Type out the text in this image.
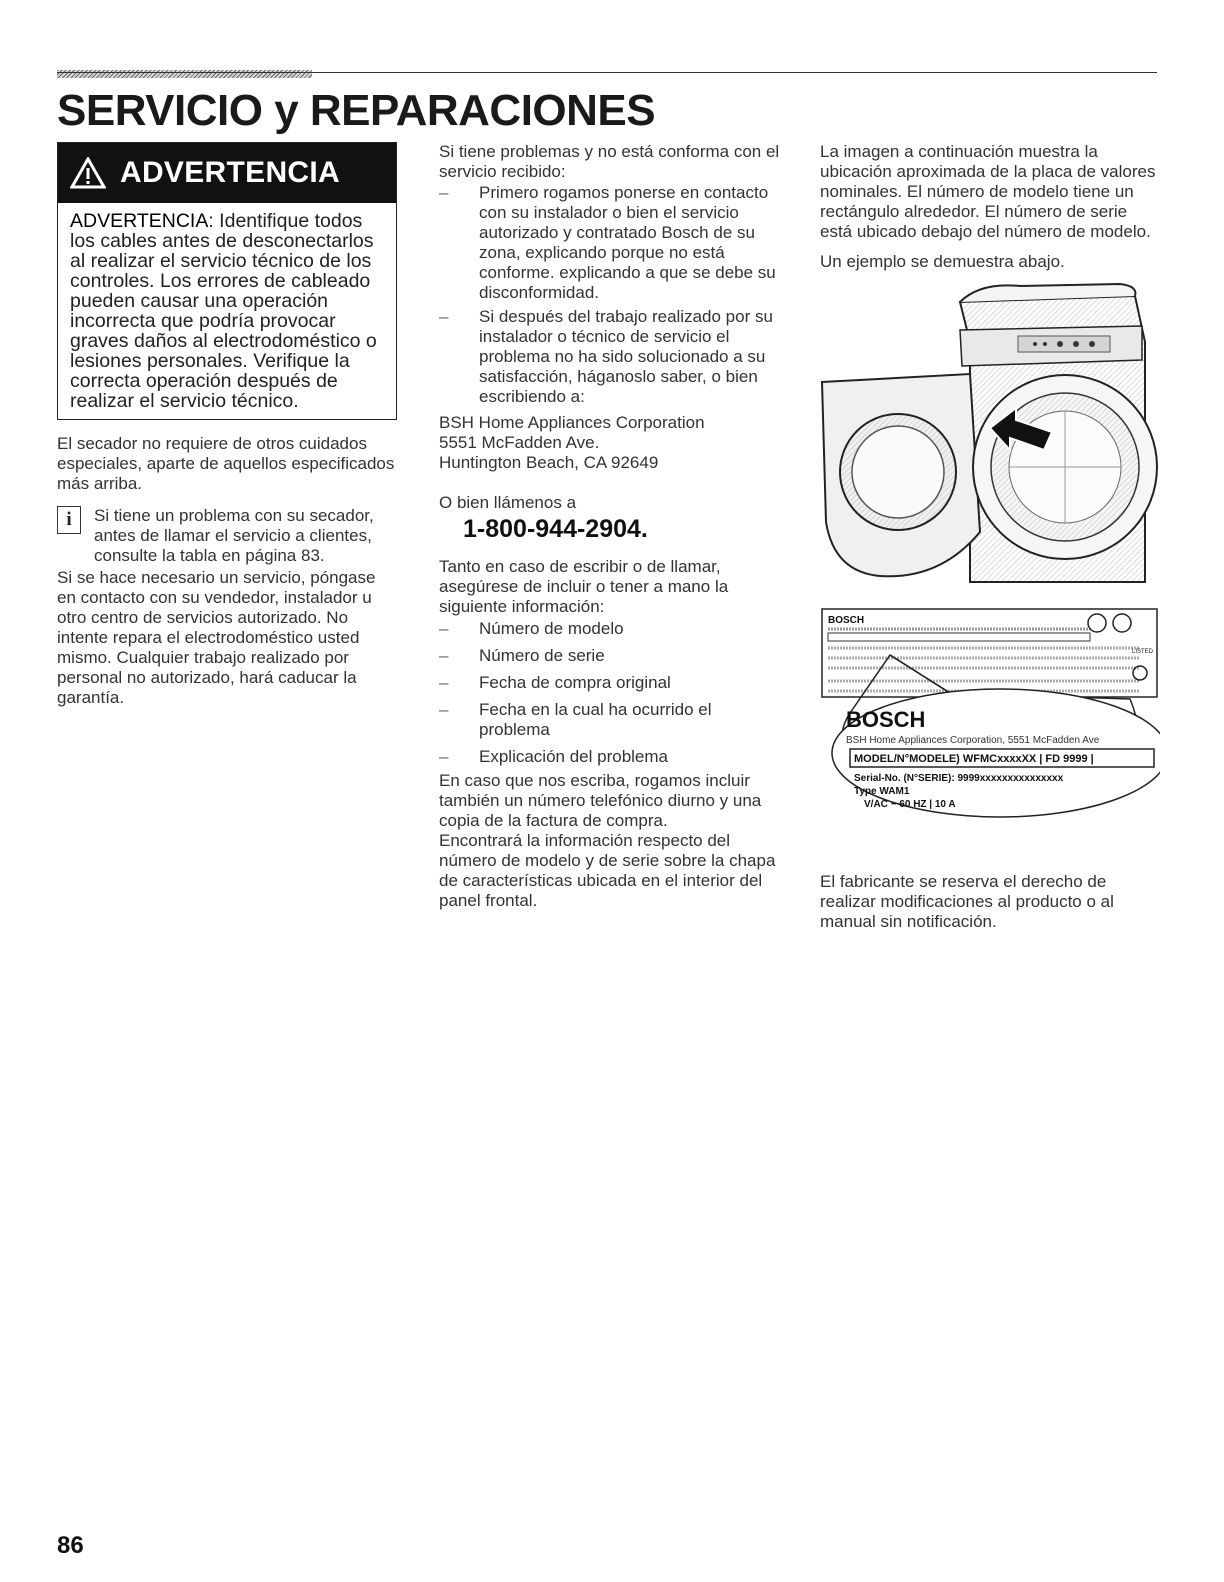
SERVICIO y REPARACIONES
ADVERTENCIA
ADVERTENCIA: Identifique todos los cables antes de desconectarlos al realizar el servicio técnico de los controles. Los errores de cableado pueden causar una operación incorrecta que podría provocar graves daños al electrodoméstico o lesiones personales. Verifique la correcta operación después de realizar el servicio técnico.

El secador no requiere de otros cuidados especiales, aparte de aquellos especificados más arriba.

i	Si tiene un problema con su secador, antes de llamar el servicio a clientes, consulte la tabla en página 83.

Si se hace necesario un servicio, póngase en contacto con su vendedor, instalador u otro centro de servicios autorizado. No intente repara el electrodoméstico usted mismo. Cualquier trabajo realizado por personal no autorizado, hará caducar la garantía.

Si tiene problemas y no está conforma con el servicio recibido:

– Primero rogamos ponerse en contacto con su instalador o bien el servicio autorizado y contratado Bosch de su zona, explicando porque no está conforme. explicando a que se debe su disconformidad.
– Si después del trabajo realizado por su instalador o técnico de servicio el problema no ha sido solucionado a su satisfacción, háganoslo saber, o bien escribiendo a:

BSH Home Appliances Corporation

5551 McFadden Ave.

Huntington Beach, CA 92649

O bien llámenos a

1-800-944-2904.

Tanto en caso de escribir o de llamar, asegúrese de incluir o tener a mano la siguiente información:

– Número de modelo
– Número de serie
– Fecha de compra original
– Fecha en la cual ha ocurrido el problema
– Explicación del problema

En caso que nos escriba, rogamos incluir también un número telefónico diurno y una copia de la factura de compra.

Encontrará la información respecto del número de modelo y de serie sobre la chapa de características ubicada en el interior del panel frontal.

La imagen a continuación muestra la ubicación aproximada de la placa de valores nominales. El número de modelo tiene un rectángulo alrededor. El número de serie está ubicado debajo del número de modelo.

Un ejemplo se demuestra abajo.

BOSCH
LISTED
BOSCH
BSH Home Appliances Corporation, 5551 McFadden Ave
MODEL/N°MODELE) WFMCxxxxXX | FD 9999 |
Serial-No. (N°SERIE): 9999xxxxxxxxxxxxxxx
Type WAM1
V/AC ~ 60 HZ | 10 A

El fabricante se reserva el derecho de realizar modificaciones al producto o al manual sin notificación.

86
